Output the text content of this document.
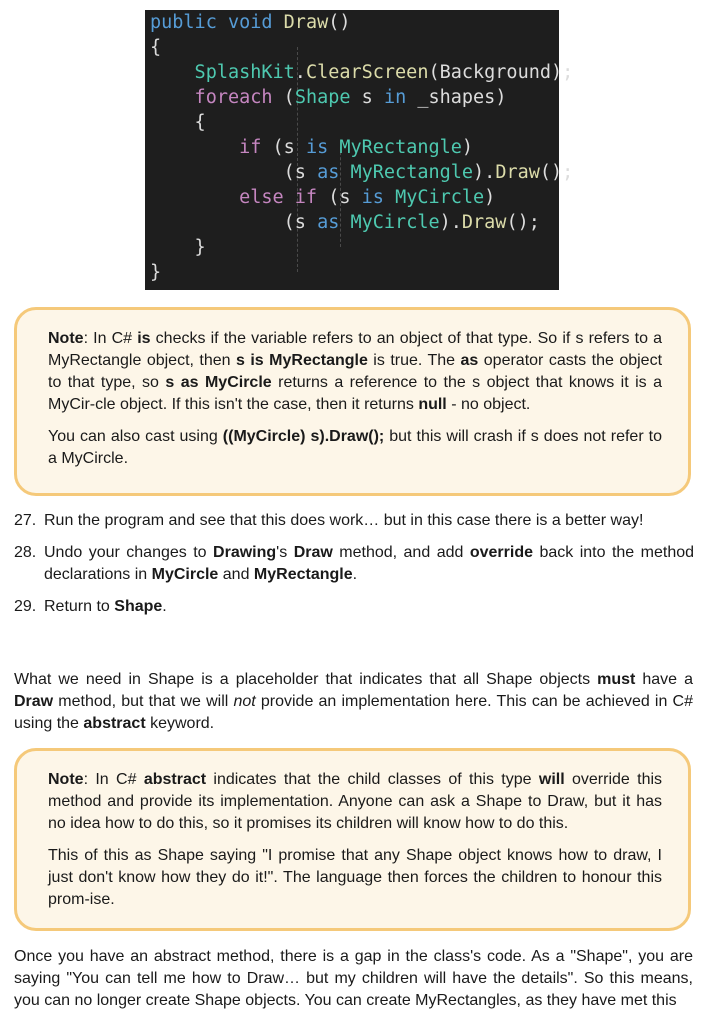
public void Draw()
{
SplashKit.ClearScreen(Background);
foreach (Shape s in _shapes)
{
if (s is MyRectangle)
(s as MyRectangle).Draw();
else if (s is MyCircle)
(s as MyCircle).Draw();
}
}

Note: In C# is checks if the variable refers to an object of that type. So if s refers to a MyRectangle object, then s is MyRectangle is true. The as operator casts the object to that type, so s as MyCircle returns a reference to the s object that knows it is a MyCir-cle object. If this isn't the case, then it returns null - no object.

You can also cast using ((MyCircle) s).Draw(); but this will crash if s does not refer to a MyCircle.

27. Run the program and see that this does work… but in this case there is a better way!
28. Undo your changes to Drawing's Draw method, and add override back into the method declarations in MyCircle and MyRectangle.
29. Return to Shape.

What we need in Shape is a placeholder that indicates that all Shape objects must have a Draw method, but that we will not provide an implementation here. This can be achieved in C# using the abstract keyword.

Note: In C# abstract indicates that the child classes of this type will override this method and provide its implementation. Anyone can ask a Shape to Draw, but it has no idea how to do this, so it promises its children will know how to do this.

This of this as Shape saying "I promise that any Shape object knows how to draw, I just don't know how they do it!". The language then forces the children to honour this prom-ise.

Once you have an abstract method, there is a gap in the class's code. As a "Shape", you are saying "You can tell me how to Draw… but my children will have the details". So this means, you can no longer create Shape objects. You can create MyRectangles, as they have met this
